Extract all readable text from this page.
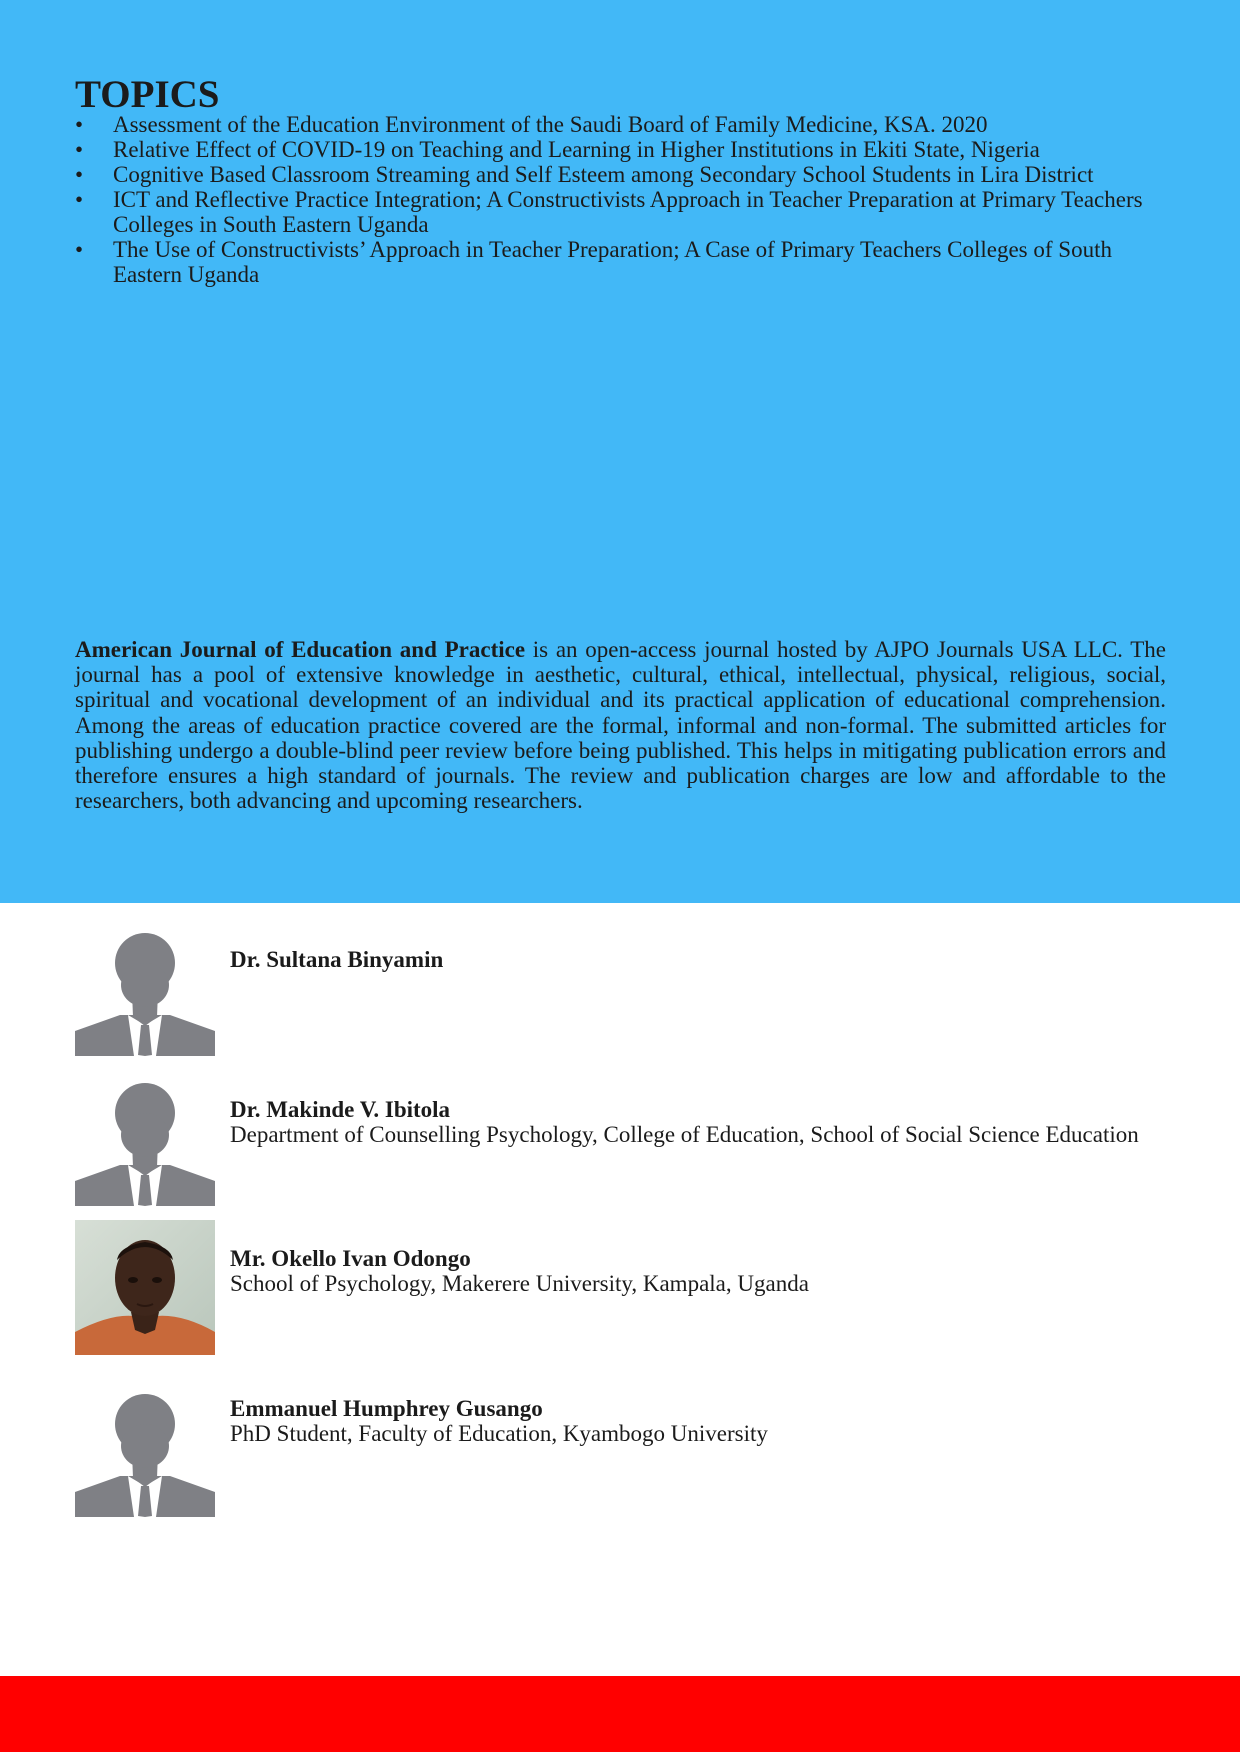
TOPICS
• Assessment of the Education Environment of the Saudi Board of Family Medicine, KSA. 2020
• Relative Effect of COVID-19 on Teaching and Learning in Higher Institutions in Ekiti State, Nigeria
• Cognitive Based Classroom Streaming and Self Esteem among Secondary School Students in Lira District
• ICT and Reflective Practice Integration; A Constructivists Approach in Teacher Preparation at Primary Teachers Colleges in South Eastern Uganda
• The Use of Constructivists’ Approach in Teacher Preparation; A Case of Primary Teachers Colleges of South Eastern Uganda

American Journal of Education and Practice is an open-access journal hosted by AJPO Journals USA LLC. The journal has a pool of extensive knowledge in aesthetic, cultural, ethical, intellectual, physical, religious, social, spiritual and vocational development of an individual and its practical application of educational comprehension. Among the areas of education practice covered are the formal, informal and non-formal. The submitted articles for publishing undergo a double-blind peer review before being published. This helps in mitigating publication errors and therefore ensures a high standard of journals. The review and publication charges are low and affordable to the researchers, both advancing and upcoming researchers.

Dr. Sultana Binyamin
Dr. Makinde V. Ibitola
Department of Counselling Psychology, College of Education, School of Social Science Education
Mr. Okello Ivan Odongo
School of Psychology, Makerere University, Kampala, Uganda
Emmanuel Humphrey Gusango
PhD Student, Faculty of Education, Kyambogo University
